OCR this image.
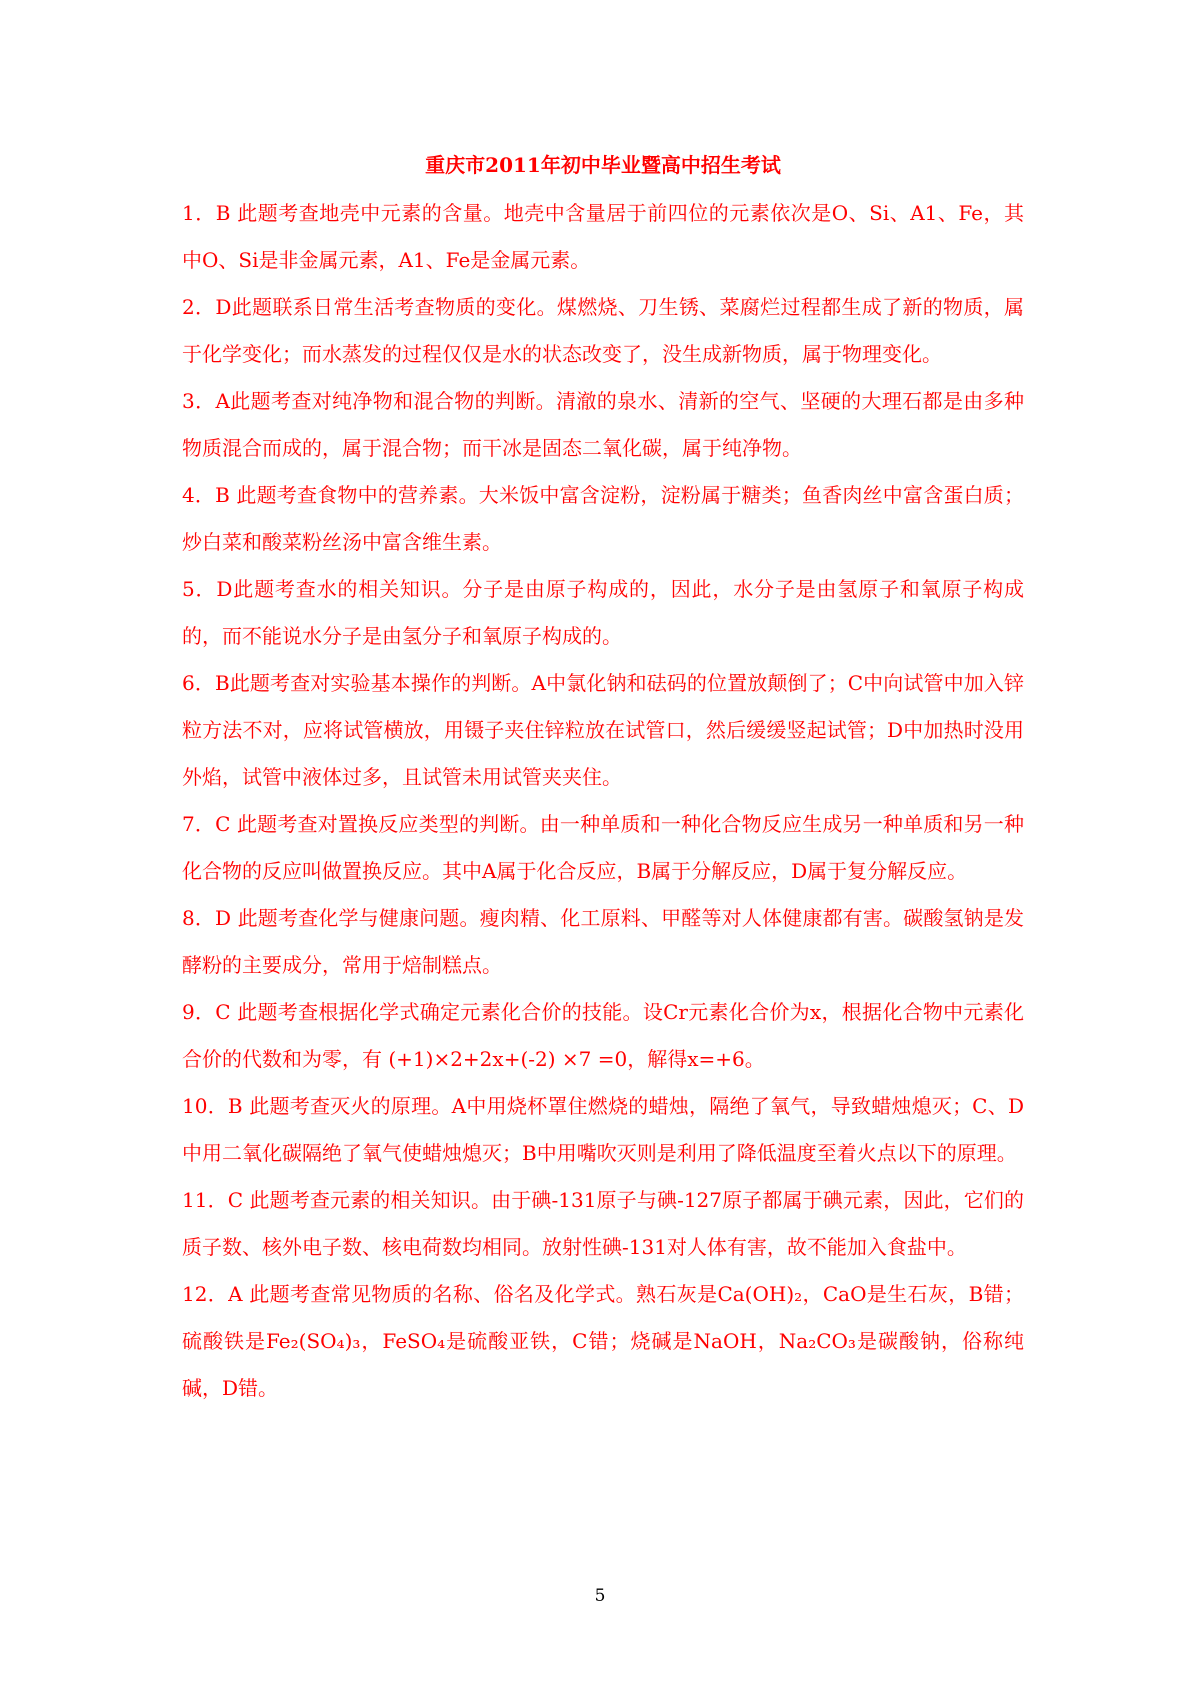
重庆市2011年初中毕业暨高中招生考试

1．B 此题考查地壳中元素的含量。地壳中含量居于前四位的元素依次是O、Si、A1、Fe，其中O、Si是非金属元素，A1、Fe是金属元素。

2．D此题联系日常生活考查物质的变化。煤燃烧、刀生锈、菜腐烂过程都生成了新的物质，属于化学变化；而水蒸发的过程仅仅是水的状态改变了，没生成新物质，属于物理变化。

3．A此题考查对纯净物和混合物的判断。清澈的泉水、清新的空气、坚硬的大理石都是由多种物质混合而成的，属于混合物；而干冰是固态二氧化碳，属于纯净物。

4．B 此题考查食物中的营养素。大米饭中富含淀粉，淀粉属于糖类；鱼香肉丝中富含蛋白质；炒白菜和酸菜粉丝汤中富含维生素。

5．D此题考查水的相关知识。分子是由原子构成的，因此，水分子是由氢原子和氧原子构成的，而不能说水分子是由氢分子和氧原子构成的。

6．B此题考查对实验基本操作的判断。A中氯化钠和砝码的位置放颠倒了；C中向试管中加入锌粒方法不对，应将试管横放，用镊子夹住锌粒放在试管口，然后缓缓竖起试管；D中加热时没用外焰，试管中液体过多，且试管未用试管夹夹住。

7．C 此题考查对置换反应类型的判断。由一种单质和一种化合物反应生成另一种单质和另一种化合物的反应叫做置换反应。其中A属于化合反应，B属于分解反应，D属于复分解反应。

8．D 此题考查化学与健康问题。瘦肉精、化工原料、甲醛等对人体健康都有害。碳酸氢钠是发酵粉的主要成分，常用于焙制糕点。

9．C 此题考查根据化学式确定元素化合价的技能。设Cr元素化合价为x，根据化合物中元素化合价的代数和为零，有 (+1)×2+2x+(-2) ×7 =0，解得x=+6。

10．B 此题考查灭火的原理。A中用烧杯罩住燃烧的蜡烛，隔绝了氧气，导致蜡烛熄灭；C、D中用二氧化碳隔绝了氧气使蜡烛熄灭；B中用嘴吹灭则是利用了降低温度至着火点以下的原理。

11．C 此题考查元素的相关知识。由于碘-131原子与碘-127原子都属于碘元素，因此，它们的质子数、核外电子数、核电荷数均相同。放射性碘-131对人体有害，故不能加入食盐中。

12．A 此题考查常见物质的名称、俗名及化学式。熟石灰是Ca(OH)₂，CaO是生石灰，B错；硫酸铁是Fe₂(SO₄)₃，FeSO₄是硫酸亚铁，C错；烧碱是NaOH，Na₂CO₃是碳酸钠，俗称纯碱，D错。

5
